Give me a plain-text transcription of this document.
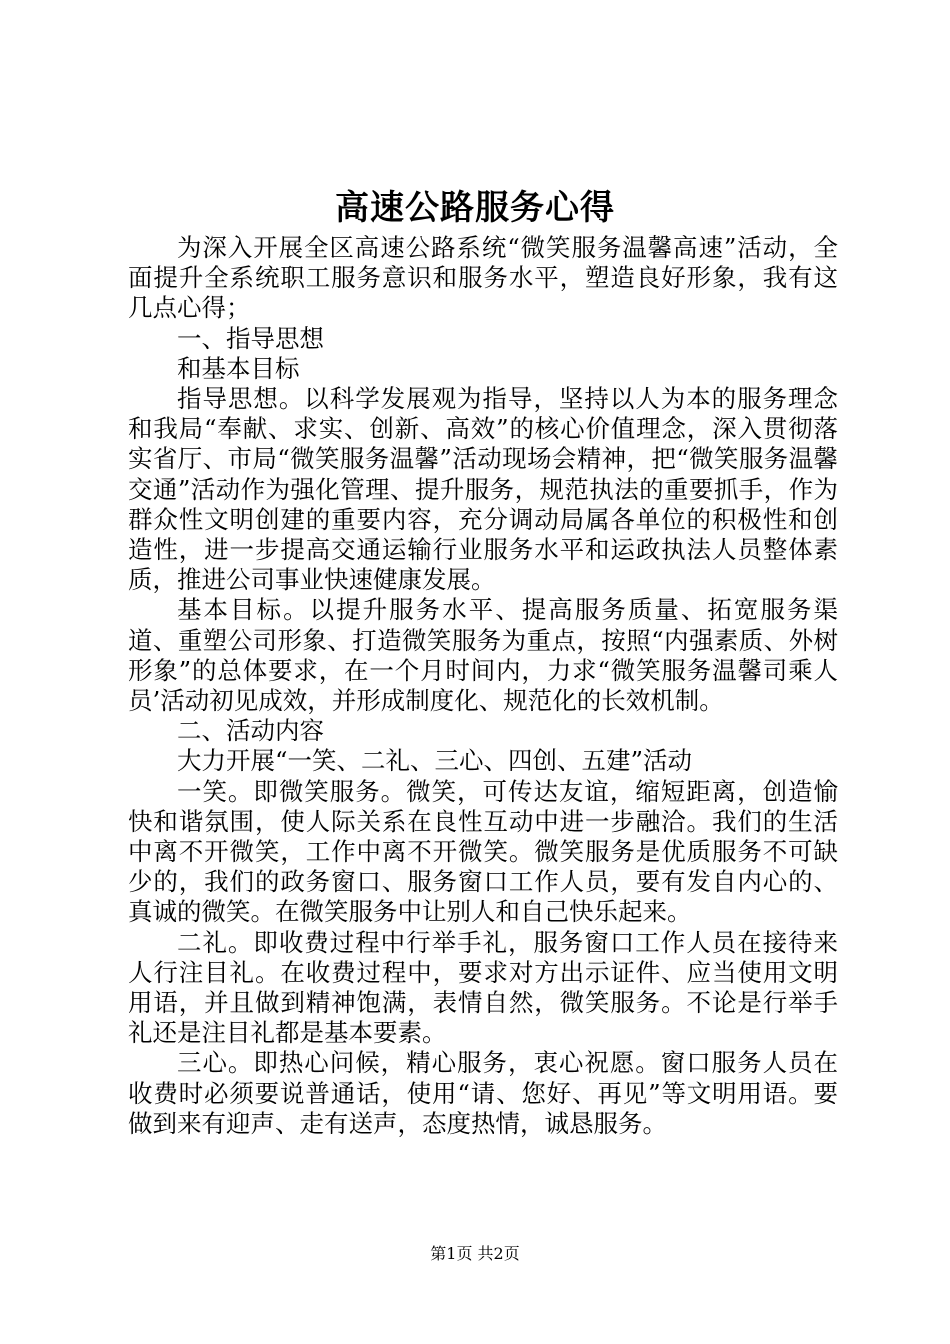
高速公路服务心得

为深入开展全区高速公路系统“微笑服务温馨高速”活动，全面提升全系统职工服务意识和服务水平，塑造良好形象，我有这几点心得；

一、指导思想

和基本目标

指导思想。以科学发展观为指导，坚持以人为本的服务理念和我局“奉献、求实、创新、高效”的核心价值理念，深入贯彻落实省厅、市局“微笑服务温馨”活动现场会精神，把“微笑服务温馨交通”活动作为强化管理、提升服务，规范执法的重要抓手，作为群众性文明创建的重要内容，充分调动局属各单位的积极性和创造性，进一步提高交通运输行业服务水平和运政执法人员整体素质，推进公司事业快速健康发展。

基本目标。以提升服务水平、提高服务质量、拓宽服务渠道、重塑公司形象、打造微笑服务为重点，按照“内强素质、外树形象”的总体要求，在一个月时间内，力求“微笑服务温馨司乘人员’活动初见成效，并形成制度化、规范化的长效机制。

二、活动内容

大力开展“一笑、二礼、三心、四创、五建”活动

一笑。即微笑服务。微笑，可传达友谊，缩短距离，创造愉快和谐氛围，使人际关系在良性互动中进一步融洽。我们的生活中离不开微笑，工作中离不开微笑。微笑服务是优质服务不可缺少的，我们的政务窗口、服务窗口工作人员，要有发自内心的、真诚的微笑。在微笑服务中让别人和自己快乐起来。

二礼。即收费过程中行举手礼，服务窗口工作人员在接待来人行注目礼。在收费过程中，要求对方出示证件、应当使用文明用语，并且做到精神饱满，表情自然，微笑服务。不论是行举手礼还是注目礼都是基本要素。

三心。即热心问候，精心服务，衷心祝愿。窗口服务人员在收费时必须要说普通话，使用“请、您好、再见”等文明用语。要做到来有迎声、走有送声，态度热情，诚恳服务。

第1页 共2页
